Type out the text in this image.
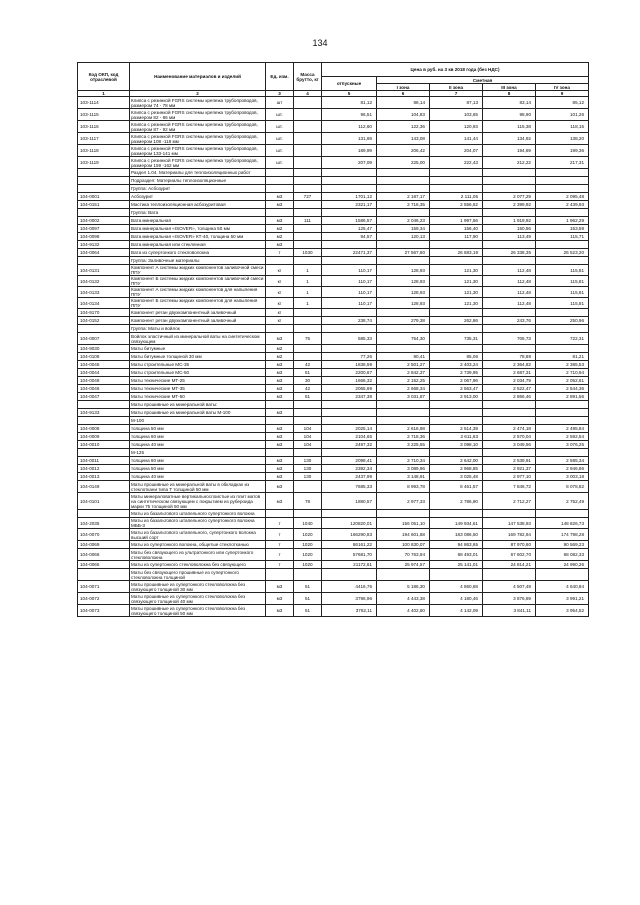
134
Код ОКП, код отраслевой	Наименование материалов и изделий	Ед. изм.	Масса брутто, кг	Цена в руб. на 3 кв 2018 года (без НДС)				
				отпускные	Сметная			
					I зона	II зона	III зона	IV зона
1	2	3	4	5	6	7	8	9
103-1114	Клипса с резинкой FGRS системы крепежа трубопроводов, размером 74 - 78 мм	шт		81,12	88,14	87,13	83,14	85,12
103-1115	Клипса с резинкой FGRS системы крепежа трубопроводов, размером 82 - 86 мм	шт.		96,51	104,83	103,65	98,90	101,26
103-1116	Клипса с резинкой FGRS системы крепежа трубопроводов, размером 87 - 92 мм	шт.		112,60	122,36	120,93	115,38	118,15
103-1117	Клипса с резинкой FGRS системы крепежа трубопроводов, размером 108 -118 мм	шт.		131,69	143,08	141,44	134,92	138,20
103-1118	Клипса с резинкой FGRS системы крепежа трубопроводов, размером 133-141 мм	шт.		189,99	206,42	204,07	194,69	199,36
103-1119	Клипса с резинкой FGRS системы крепежа трубопроводов, размером 159 -162 мм	шт.		207,09	225,00	222,43	212,22	217,31
	Раздел 1.04. Материалы для теплоизоляционных работ							
	Подраздел: Материалы теплоизоляционные							
	Группа: Асбозурит							
104-0001	Асбозурит	м3	727	1701,12	2 187,17	2 111,05	2 077,29	2 095,48
104-0151	Мастика теплоизоляционная асбозуритовая	м3		2321,17	2 716,35	2 556,62	2 399,92	2 439,93
	Группа: Вата							
104-0002	Вата минеральная	м3	111	1586,57	2 046,23	1 997,56	1 919,92	1 962,29
104-0097	Вата минеральная «ISOVER», толщина 50 мм	м2		125,47	159,34	156,40	150,56	153,59
104-0098	Вата минеральная «ISOVER» КТ-40, толщина 50 мм	м2		94,57	120,13	117,90	113,49	115,71
104-9132	Вата минеральная или стеклянная	м3						
104-0064	Вата из супертонкого стекловолокна	т	1030	22471,37	27 567,80	26 683,19	26 338,35	26 523,20
	Группа: Заливочные материалы							
104-0131	Компонент А системы жидких компонентов заливочной смеси ППУ	кг	1	110,17	128,93	121,30	112,48	115,81
104-0132	Компонент Б системы жидких компонентов заливочной смеси ППУ	кг	1	110,17	128,93	121,30	112,48	115,81
104-0133	Компонент А системы жидких компонентов для напыления ППУ	кг	1	110,17	128,93	121,30	112,48	115,81
104-0134	Компонент Б системы жидких компонентов для напыления ППУ	кг	1	110,17	128,93	121,30	112,48	115,81
104-9170	Компонент ретан двухкомпонентный заливочный	кг						
104-0152	Компонент ретан двухкомпонентный заливочный	кг		238,74	279,38	262,86	243,76	250,96
	Группа: Маты и войлок							
104-0007	Войлок эластичный из минеральной ваты на синтетическом связующем	м3	75	585,33	754,30	735,31	706,73	722,31
104-9030	Маты битумные	м2						
104-0108	Маты битумные толщиной 30 мм	м2		77,26	90,41	85,06	78,88	81,21
104-0045	Маты строительные МС-35	м3	42	1836,59	2 501,27	2 403,24	2 364,82	2 385,53
104-0044	Маты строительные МС-50	м3	51	2200,67	2 842,37	2 739,95	2 687,31	2 710,94
104-0048	Маты технические МТ-25	м3	30	1666,32	2 152,25	2 067,96	2 034,79	2 052,61
104-0046	Маты технические МТ-35	м3	42	2065,69	2 668,34	2 563,47	2 522,47	2 544,36
104-0047	Маты технические МТ-50	м3	51	2347,38	3 031,87	2 913,00	2 866,46	2 891,56
	Маты прошивные из минеральной ваты:							
104-9133	Маты прошивные из минеральной ваты М-100	м3						
	М-100							
104-0008	толщина 50 мм	м3	104	2025,14	2 616,98	2 514,39	2 474,18	2 495,84
104-0009	толщина 60 мм	м3	104	2104,65	2 718,36	2 611,63	2 570,04	2 592,54
104-0010	толщина 40 мм	м3	104	2497,32	3 225,55	3 098,10	3 049,56	3 076,25
	М-125							
104-0011	толщина 60 мм	м3	130	2098,41	2 710,34	2 642,00	2 539,91	2 585,34
104-0012	толщина 50 мм	м3	130	2392,34	3 089,96	2 968,85	2 921,37	2 946,86
104-0013	толщина 40 мм	м3	130	2437,99	3 148,91	3 025,48	2 977,10	3 003,18
104-0149	Маты прошивные из минеральной ваты в обкладках из стеклоткани типа Т толщиной 50 мм	м3		7685,33	8 993,78	8 461,57	7 846,72	8 078,82
104-0101	Маты минераловатные вертикальнослоистые из плит матов на синтетическом связующем с покрытием из рубероида марки 75 толщиной 50 мм	м3	78	1880,57	2 977,33	2 786,90	2 712,27	2 752,49
	Маты из базальтового штапельного супертонкого волокна							
104-2035	Маты из базальтового штапельного супертонкого волокна МББ-3	т	1040	120820,01	156 051,10	149 934,61	147 538,93	148 826,73
104-0070	Маты из базальтового штапельного, супертонкого волокна высший сорт	т	1020	166290,83	194 601,68	183 086,50	169 782,94	174 798,28
104-0069	Маты из супертонкого волокна, общетые стеклотканью	т	1020	86161,22	100 830,07	94 863,65	87 970,60	90 569,23
104-0066	Маты без связующего из ультратонкого или супертонкого стекловолокна	т	1020	57681,70	70 763,94	68 493,01	67 602,70	68 082,33
104-0065	Маты из супертонкого стекловолокна без связующего	т	1020	21172,61	25 974,57	25 141,01	24 814,21	24 990,26
	Маты без связующего прошивные из супертонкого стекловолокна толщиной							
104-0071	Маты прошивные из супертонкого стекловолокна без связующего толщиной 30 мм	м3	51	4416,76	5 186,30	4 860,68	4 507,49	4 640,84
104-0072	Маты прошивные из супертонкого стекловолокна без связующего толщиной 40 мм	м3	51	3796,96	4 443,38	4 180,46	3 876,69	3 991,21
104-0073	Маты прошивные из супертонкого стекловолокна без связующего толщиной 50 мм	м3	51	3762,11	4 402,60	4 142,09	3 841,11	3 954,52
